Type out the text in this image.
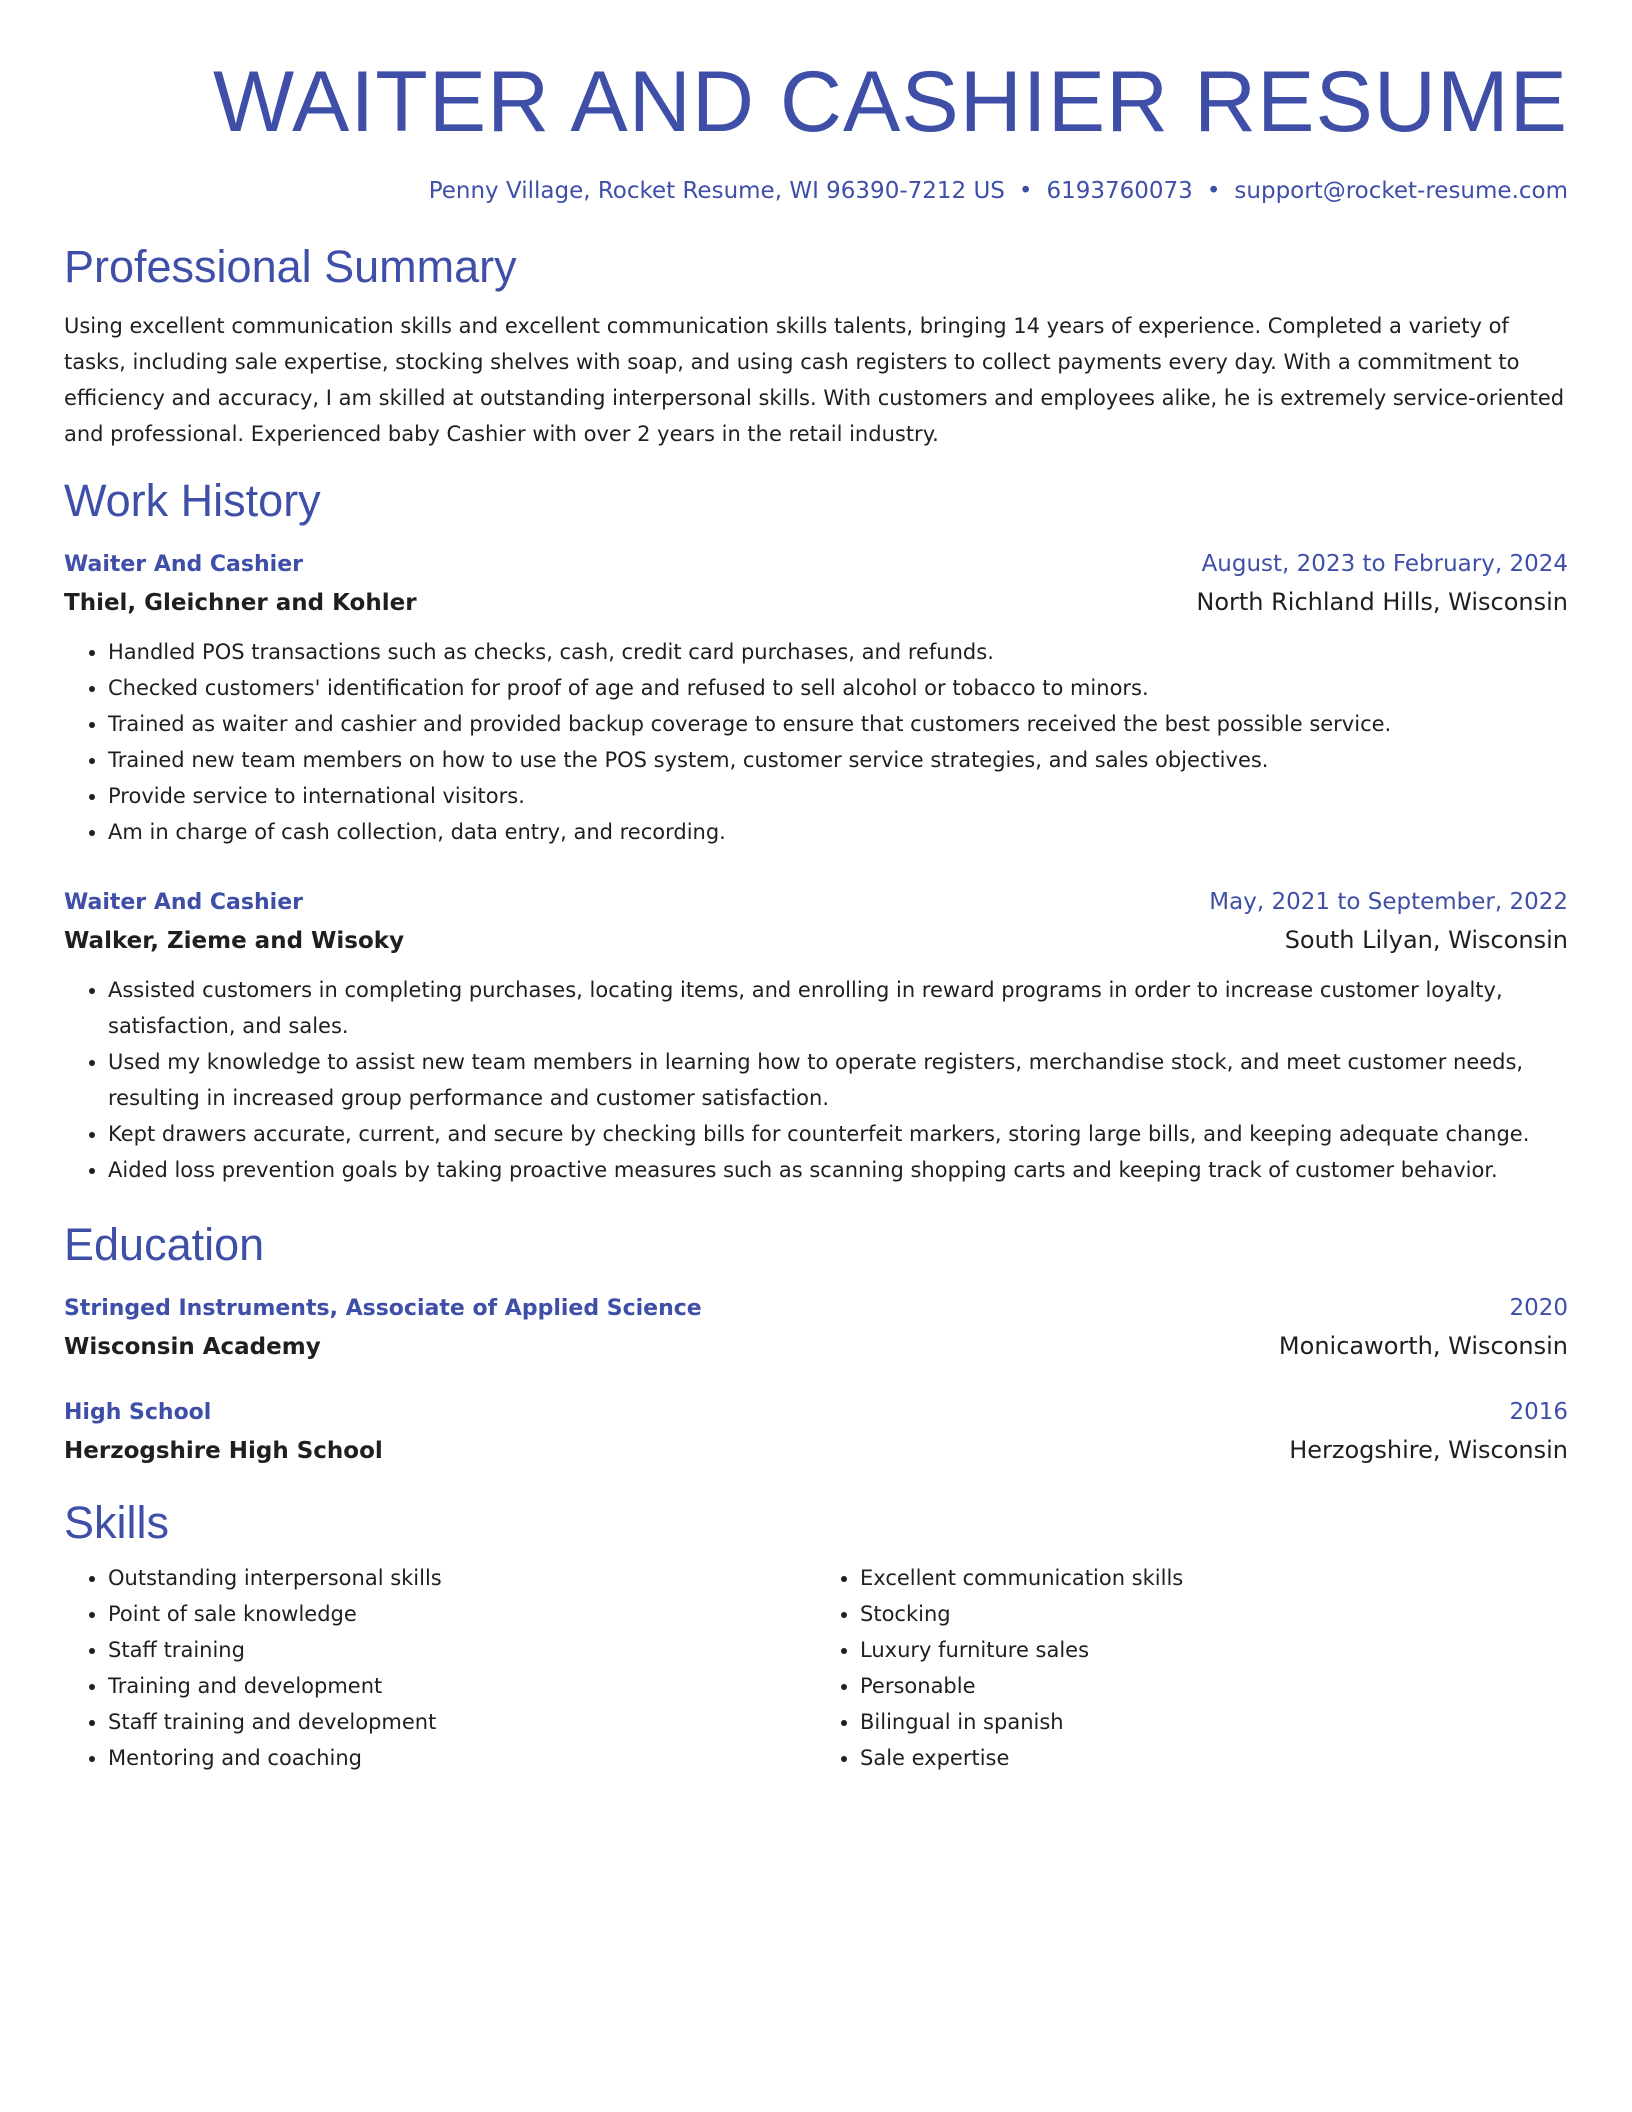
WAITER AND CASHIER RESUME
Penny Village, Rocket Resume, WI 96390-7212 US • 6193760073 • support@rocket-resume.com
Professional Summary

Using excellent communication skills and excellent communication skills talents, bringing 14 years of experience. Completed a variety of tasks, including sale expertise, stocking shelves with soap, and using cash registers to collect payments every day. With a commitment to efficiency and accuracy, I am skilled at outstanding interpersonal skills. With customers and employees alike, he is extremely service-oriented and professional. Experienced baby Cashier with over 2 years in the retail industry.

Work History
Waiter And Cashier	August, 2023 to February, 2024
Thiel, Gleichner and Kohler	North Richland Hills, Wisconsin
• Handled POS transactions such as checks, cash, credit card purchases, and refunds.
• Checked customers' identification for proof of age and refused to sell alcohol or tobacco to minors.
• Trained as waiter and cashier and provided backup coverage to ensure that customers received the best possible service.
• Trained new team members on how to use the POS system, customer service strategies, and sales objectives.
• Provide service to international visitors.
• Am in charge of cash collection, data entry, and recording.
Waiter And Cashier	May, 2021 to September, 2022
Walker, Zieme and Wisoky	South Lilyan, Wisconsin
• Assisted customers in completing purchases, locating items, and enrolling in reward programs in order to increase customer loyalty, satisfaction, and sales.
• Used my knowledge to assist new team members in learning how to operate registers, merchandise stock, and meet customer needs, resulting in increased group performance and customer satisfaction.
• Kept drawers accurate, current, and secure by checking bills for counterfeit markers, storing large bills, and keeping adequate change.
• Aided loss prevention goals by taking proactive measures such as scanning shopping carts and keeping track of customer behavior.
Education
Stringed Instruments, Associate of Applied Science	2020
Wisconsin Academy	Monicaworth, Wisconsin
High School	2016
Herzogshire High School	Herzogshire, Wisconsin
Skills
• Outstanding interpersonal skills
• Point of sale knowledge
• Staff training
• Training and development
• Staff training and development
• Mentoring and coaching
• Excellent communication skills
• Stocking
• Luxury furniture sales
• Personable
• Bilingual in spanish
• Sale expertise
